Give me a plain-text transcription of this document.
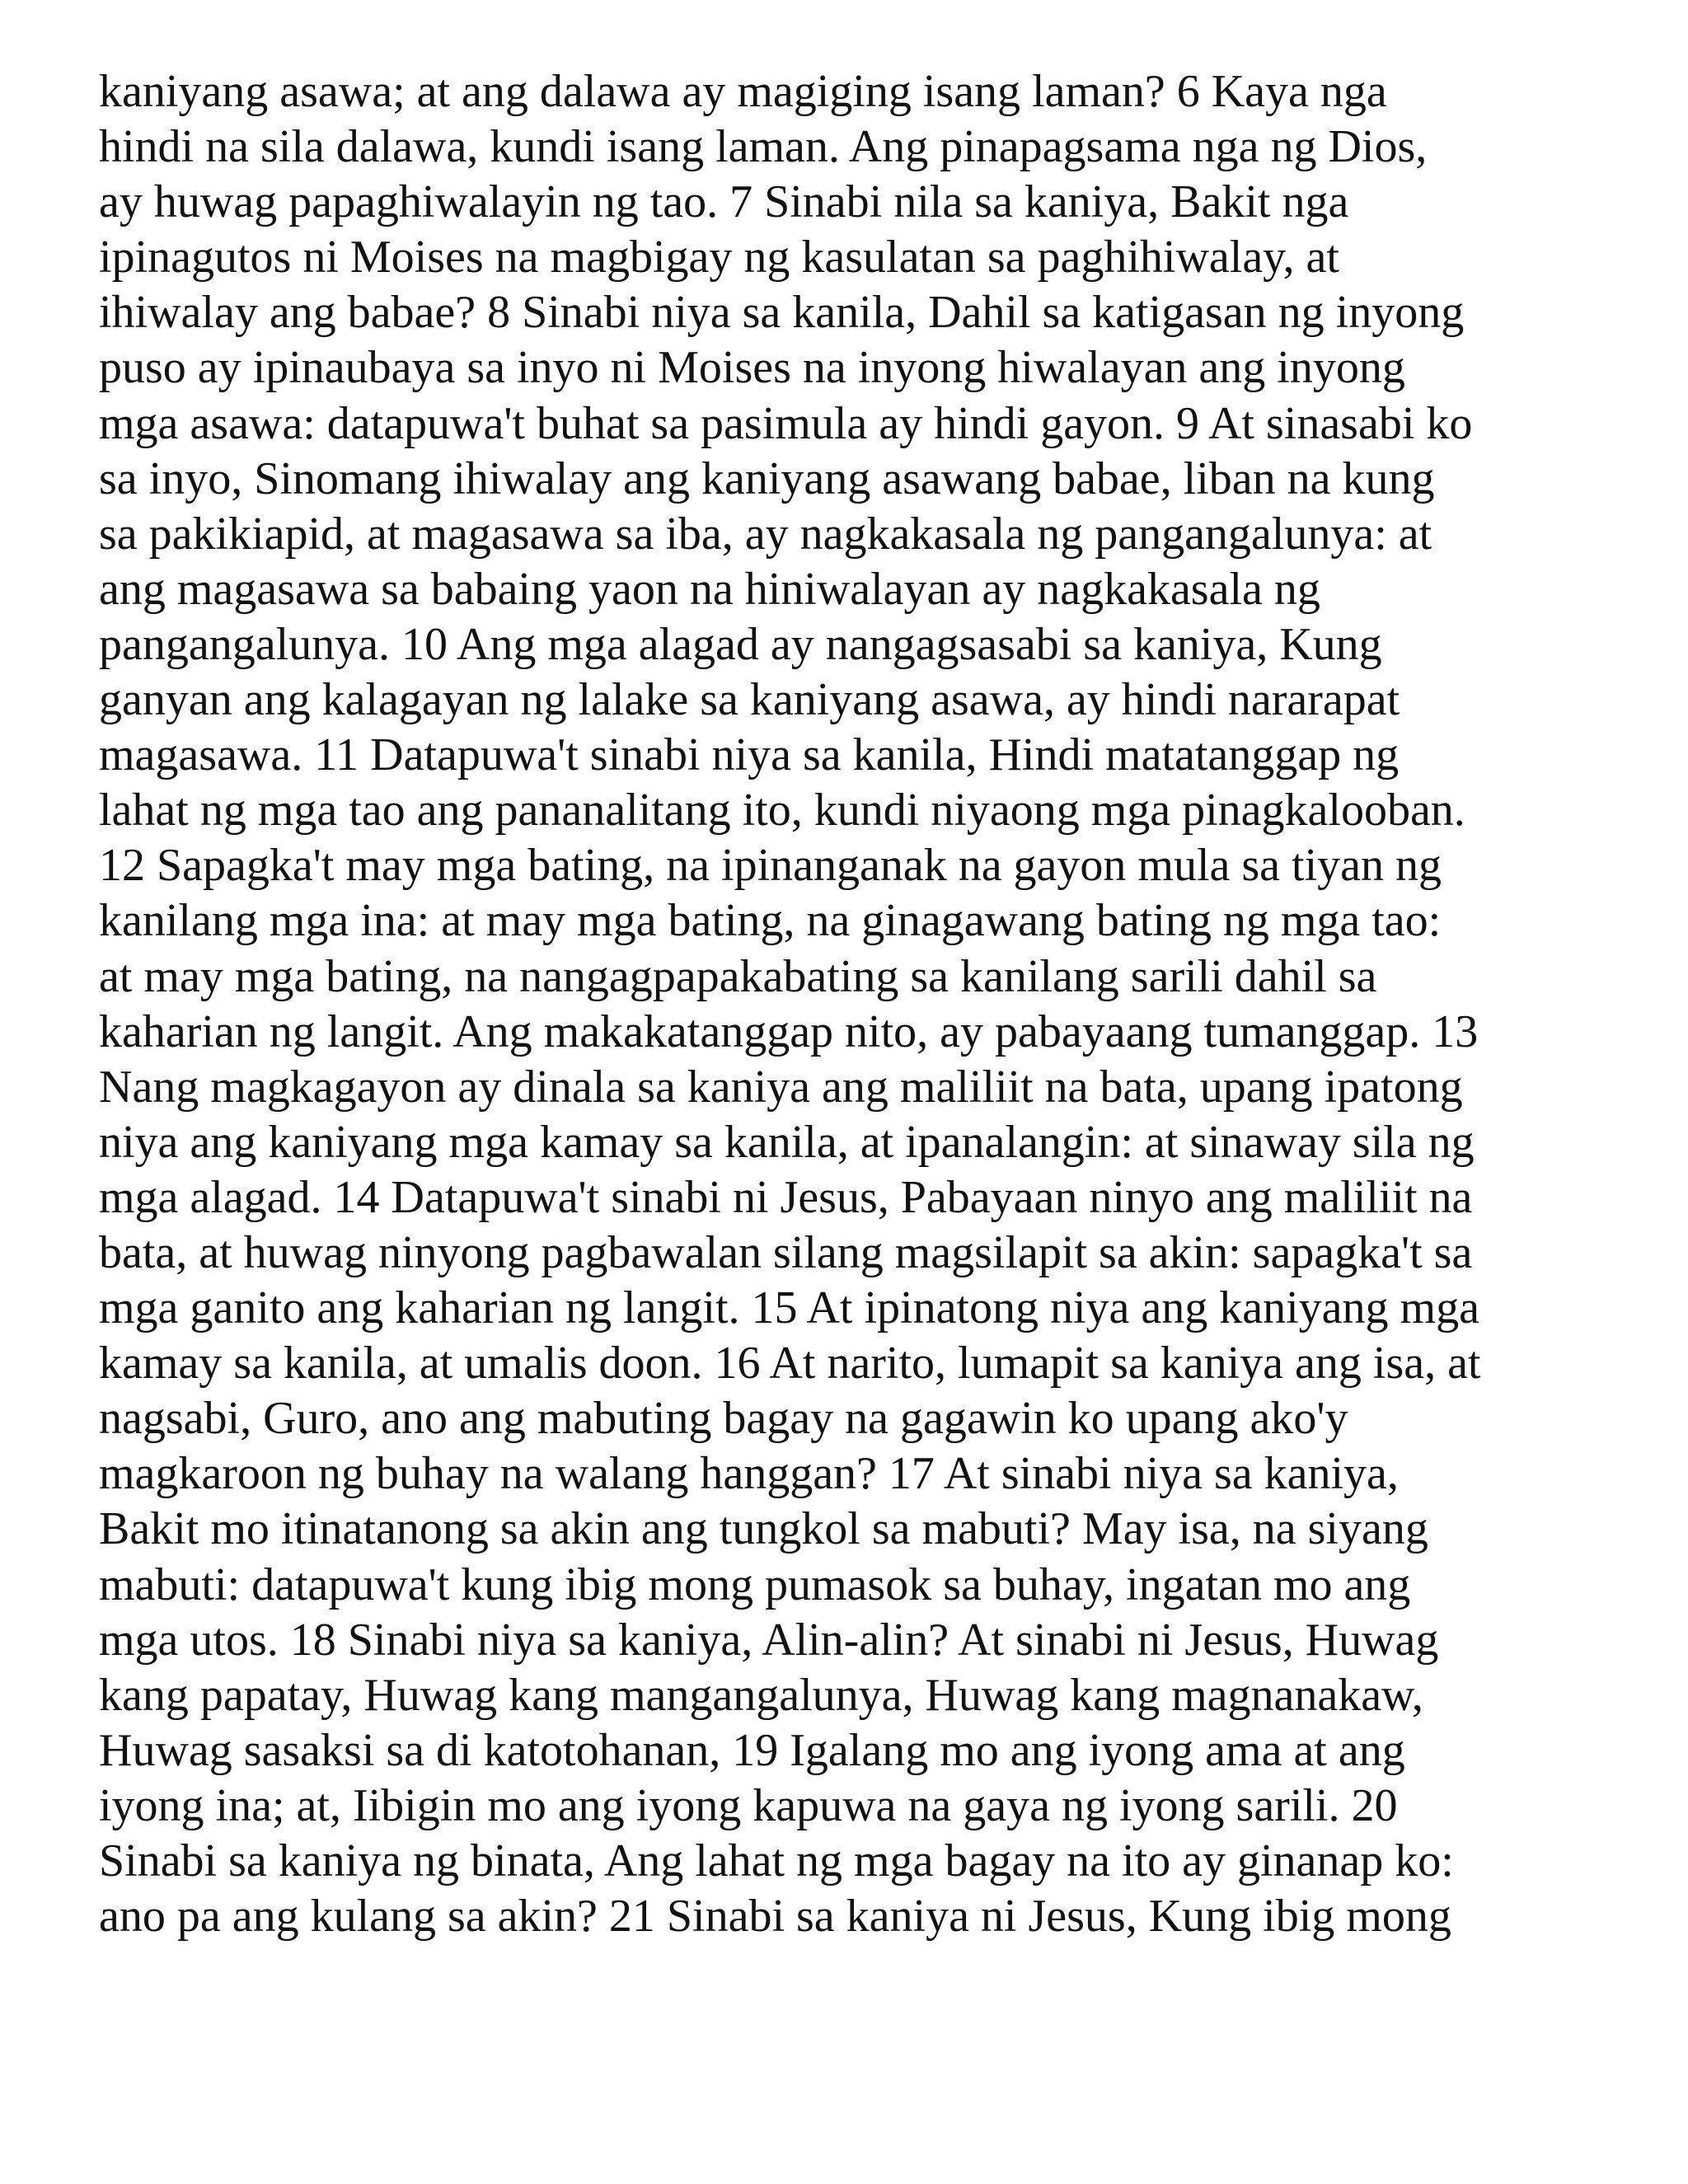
kaniyang asawa; at ang dalawa ay magiging isang laman? 6 Kaya nga
hindi na sila dalawa, kundi isang laman. Ang pinapagsama nga ng Dios,
ay huwag papaghiwalayin ng tao. 7 Sinabi nila sa kaniya, Bakit nga
ipinagutos ni Moises na magbigay ng kasulatan sa paghihiwalay, at
ihiwalay ang babae? 8 Sinabi niya sa kanila, Dahil sa katigasan ng inyong
puso ay ipinaubaya sa inyo ni Moises na inyong hiwalayan ang inyong
mga asawa: datapuwa't buhat sa pasimula ay hindi gayon. 9 At sinasabi ko
sa inyo, Sinomang ihiwalay ang kaniyang asawang babae, liban na kung
sa pakikiapid, at magasawa sa iba, ay nagkakasala ng pangangalunya: at
ang magasawa sa babaing yaon na hiniwalayan ay nagkakasala ng
pangangalunya. 10 Ang mga alagad ay nangagsasabi sa kaniya, Kung
ganyan ang kalagayan ng lalake sa kaniyang asawa, ay hindi nararapat
magasawa. 11 Datapuwa't sinabi niya sa kanila, Hindi matatanggap ng
lahat ng mga tao ang pananalitang ito, kundi niyaong mga pinagkalooban.
12 Sapagka't may mga bating, na ipinanganak na gayon mula sa tiyan ng
kanilang mga ina: at may mga bating, na ginagawang bating ng mga tao:
at may mga bating, na nangagpapakabating sa kanilang sarili dahil sa
kaharian ng langit. Ang makakatanggap nito, ay pabayaang tumanggap. 13
Nang magkagayon ay dinala sa kaniya ang maliliit na bata, upang ipatong
niya ang kaniyang mga kamay sa kanila, at ipanalangin: at sinaway sila ng
mga alagad. 14 Datapuwa't sinabi ni Jesus, Pabayaan ninyo ang maliliit na
bata, at huwag ninyong pagbawalan silang magsilapit sa akin: sapagka't sa
mga ganito ang kaharian ng langit. 15 At ipinatong niya ang kaniyang mga
kamay sa kanila, at umalis doon. 16 At narito, lumapit sa kaniya ang isa, at
nagsabi, Guro, ano ang mabuting bagay na gagawin ko upang ako'y
magkaroon ng buhay na walang hanggan? 17 At sinabi niya sa kaniya,
Bakit mo itinatanong sa akin ang tungkol sa mabuti? May isa, na siyang
mabuti: datapuwa't kung ibig mong pumasok sa buhay, ingatan mo ang
mga utos. 18 Sinabi niya sa kaniya, Alin-alin? At sinabi ni Jesus, Huwag
kang papatay, Huwag kang mangangalunya, Huwag kang magnanakaw,
Huwag sasaksi sa di katotohanan, 19 Igalang mo ang iyong ama at ang
iyong ina; at, Iibigin mo ang iyong kapuwa na gaya ng iyong sarili. 20
Sinabi sa kaniya ng binata, Ang lahat ng mga bagay na ito ay ginanap ko:
ano pa ang kulang sa akin? 21 Sinabi sa kaniya ni Jesus, Kung ibig mong
